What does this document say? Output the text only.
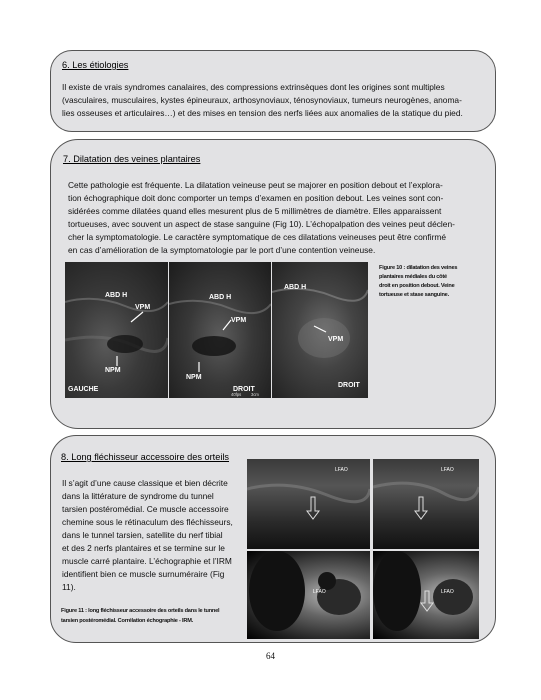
6. Les étiologies
Il existe de vrais syndromes canalaires, des compressions extrinsèques dont les origines sont multiples
(vasculaires, musculaires, kystes épineuraux, arthosynoviaux, ténosynoviaux, tumeurs neurogènes, anoma-
lies osseuses et articulaires…) et des mises en tension des nerfs liées aux anomalies de la statique du pied.
7. Dilatation des veines plantaires
Cette pathologie est fréquente. La dilatation veineuse peut se majorer en position debout et l’explora-
tion échographique doit donc comporter un temps d’examen en position debout. Les veines sont con-
sidérées comme dilatées quand elles mesurent plus de 5 millimètres de diamètre. Elles apparaissent
tortueuses, avec souvent un aspect de stase sanguine (Fig 10). L’échopalpation des veines peut déclen-
cher la symptomatologie. Le caractère symptomatique de ces dilatations veineuses peut être confirmé
en cas d’amélioration de la symptomatologie par le port d’une contention veineuse.
ABD H
VPM
NPM
GAUCHE
ABD H
VPM
NPM
DROIT
40fps 3cm
ABD H
VPM
DROIT
Figure 10 : dilatation des veines
plantaires médiales du côté
droit en position debout. Veine
tortueuse et stase sanguine.
8. Long fléchisseur accessoire des orteils
Il s’agit d’une cause classique et bien décrite
dans la littérature de syndrome du tunnel
tarsien postéromédial. Ce muscle accessoire
chemine sous le rétinaculum des fléchisseurs,
dans le tunnel tarsien, satellite du nerf tibial
et des 2 nerfs plantaires et se termine sur le
muscle carré plantaire. L’échographie et l’IRM
identifient bien ce muscle surnuméraire (Fig
11).
Figure 11 : long fléchisseur accessoire des orteils dans le tunnel
tarsien postéromédial. Corrélation échographie - IRM.
LFAO	LFAO
LFAO	LFAO
64
